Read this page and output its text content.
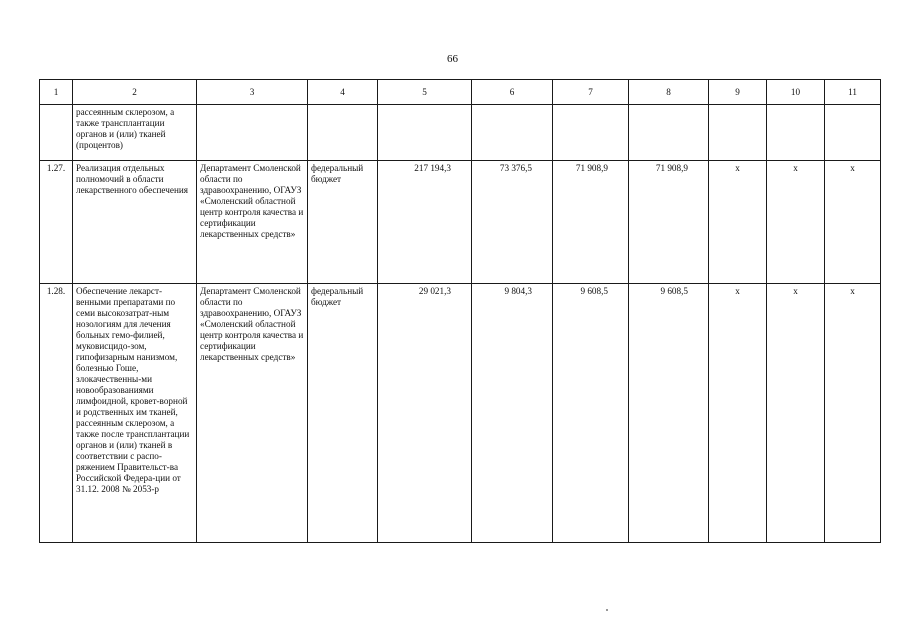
66
1	2	3	4	5	6	7	8	9	10	11
	рассеянным склерозом, а также трансплантации органов и (или) тканей (процентов)									
1.27.	Реализация отдельных полномочий в области лекарственного обеспечения	Департамент Смоленской области по здравоохранению, ОГАУЗ «Смоленский областной центр контроля качества и сертификации лекарственных средств»	федеральный бюджет	217 194,3	73 376,5	71 908,9	71 908,9	х	х	х
1.28.	Обеспечение лекарст-венными препаратами по семи высокозатрат-ным нозологиям для лечения больных гемо-филией, муковисцидо-зом, гипофизарным нанизмом, болезнью Гоше, злокачественны-ми новообразованиями лимфоидной, кровет-ворной и родственных им тканей, рассеянным склерозом, а также после трансплантации органов и (или) тканей в соответствии с распо-ряжением Правительст-ва Российской Федера-ции от 31.12. 2008 № 2053-р	Департамент Смоленской области по здравоохранению, ОГАУЗ «Смоленский областной центр контроля качества и сертификации лекарственных средств»	федеральный бюджет	29 021,3	9 804,3	9 608,5	9 608,5	х	х	х
